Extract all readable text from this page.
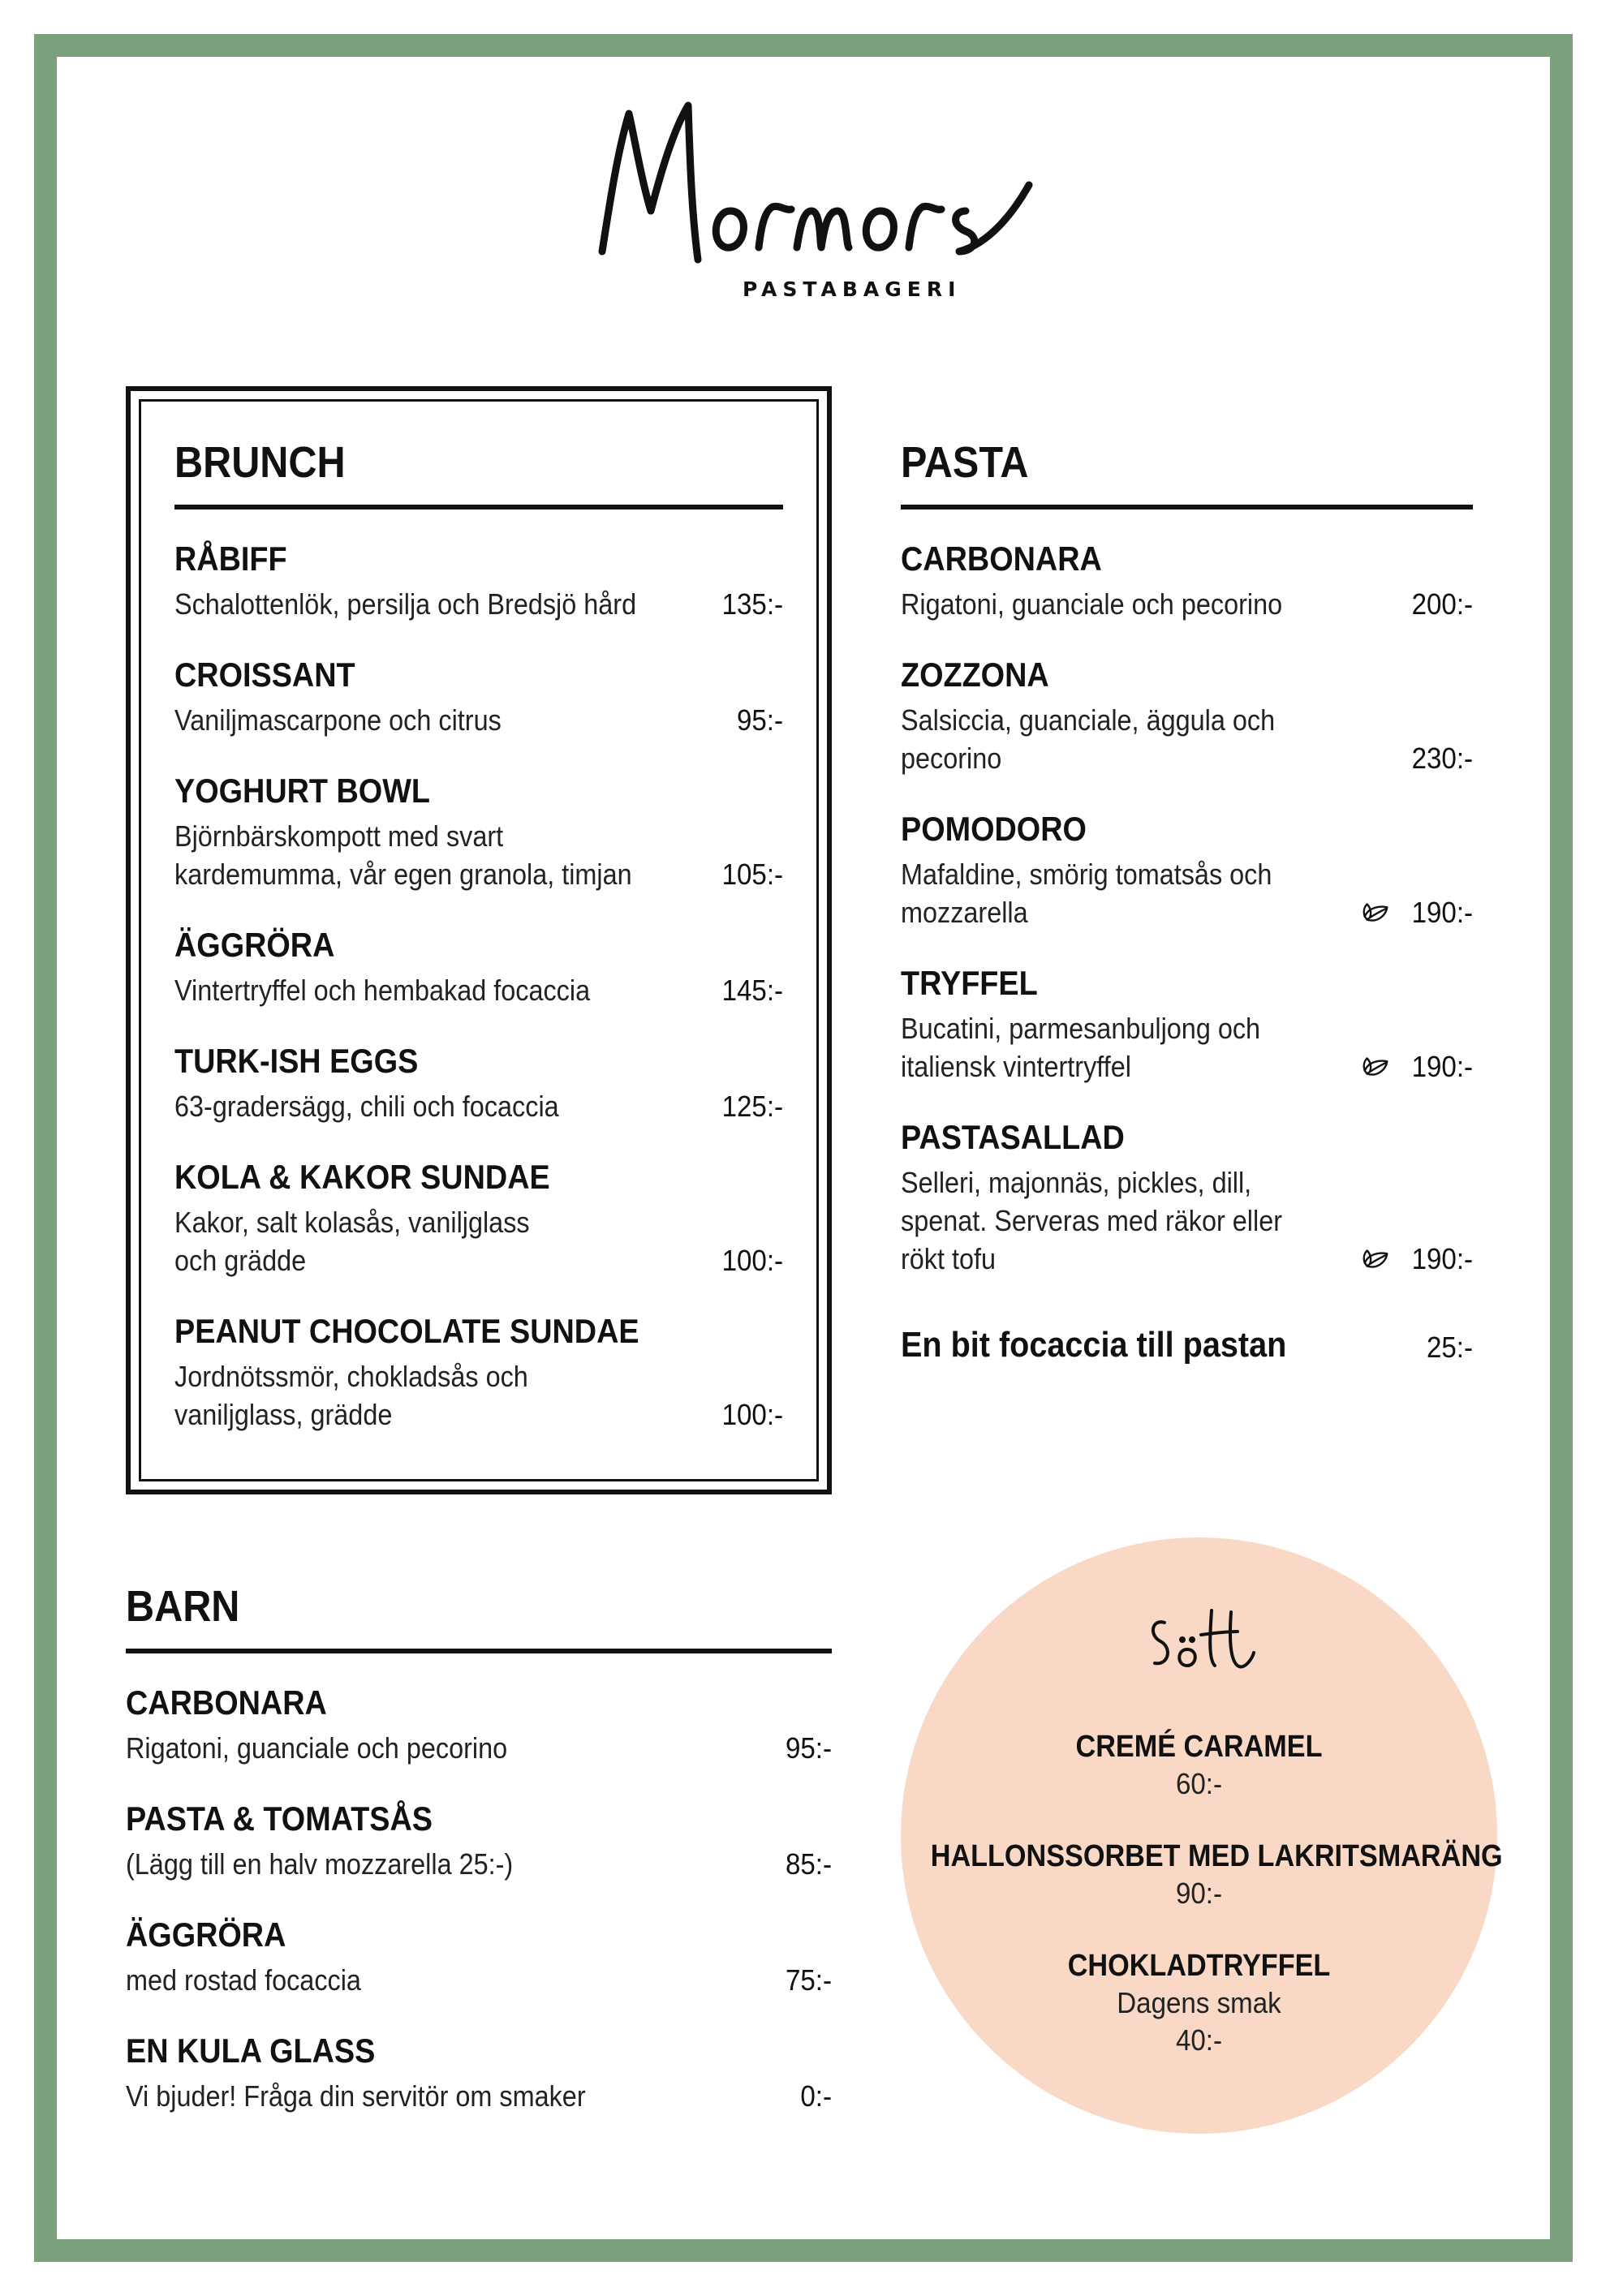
PASTABAGERI
BRUNCH
RÅBIFF
Schalottenlök, persilja och Bredsjö hård	135:-
CROISSANT
Vaniljmascarpone och citrus	95:-
YOGHURT BOWL
Björnbärskompott med svart
kardemumma, vår egen granola, timjan	105:-
ÄGGRÖRA
Vintertryffel och hembakad focaccia	145:-
TURK-ISH EGGS
63-gradersägg, chili och focaccia	125:-
KOLA & KAKOR SUNDAE
Kakor, salt kolasås, vaniljglass
och grädde	100:-
PEANUT CHOCOLATE SUNDAE
Jordnötssmör, chokladsås och
vaniljglass, grädde	100:-
PASTA
CARBONARA
Rigatoni, guanciale och pecorino	200:-
ZOZZONA
Salsiccia, guanciale, äggula och
pecorino	230:-
POMODORO
Mafaldine, smörig tomatsås och
mozzarella	190:-
TRYFFEL
Bucatini, parmesanbuljong och
italiensk vintertryffel	190:-
PASTASALLAD
Selleri, majonnäs, pickles, dill,
spenat. Serveras med räkor eller
rökt tofu	190:-
En bit focaccia till pastan	25:-
BARN
CARBONARA
Rigatoni, guanciale och pecorino	95:-
PASTA & TOMATSÅS
(Lägg till en halv mozzarella 25:-)	85:-
ÄGGRÖRA
med rostad focaccia	75:-
EN KULA GLASS
Vi bjuder! Fråga din servitör om smaker	0:-
CREMÉ CARAMEL
60:-
HALLONSSORBET MED LAKRITSMARÄNG
90:-
CHOKLADTRYFFEL
Dagens smak
40:-
